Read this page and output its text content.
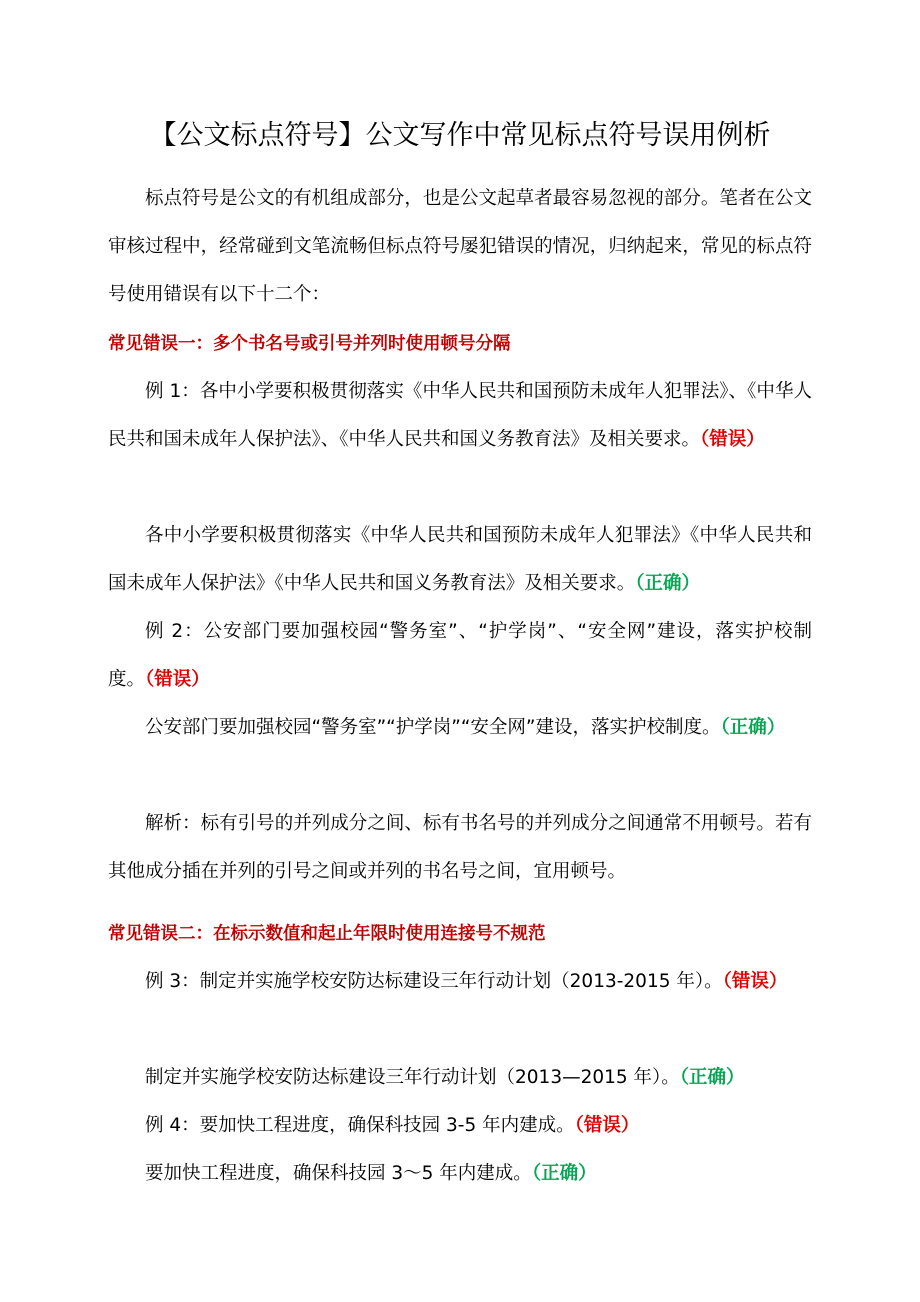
【公文标点符号】公文写作中常见标点符号误用例析

标点符号是公文的有机组成部分，也是公文起草者最容易忽视的部分。笔者在公文审核过程中，经常碰到文笔流畅但标点符号屡犯错误的情况，归纳起来，常见的标点符号使用错误有以下十二个：

常见错误一：多个书名号或引号并列时使用顿号分隔

例 1：各中小学要积极贯彻落实《中华人民共和国预防未成年人犯罪法》、《中华人民共和国未成年人保护法》、《中华人民共和国义务教育法》及相关要求。（错误）

各中小学要积极贯彻落实《中华人民共和国预防未成年人犯罪法》《中华人民共和国未成年人保护法》《中华人民共和国义务教育法》及相关要求。（正确）

例 2：公安部门要加强校园“警务室”、“护学岗”、“安全网”建设，落实护校制度。（错误）

公安部门要加强校园“警务室”“护学岗”“安全网”建设，落实护校制度。（正确）

解析：标有引号的并列成分之间、标有书名号的并列成分之间通常不用顿号。若有其他成分插在并列的引号之间或并列的书名号之间，宜用顿号。

常见错误二：在标示数值和起止年限时使用连接号不规范

例 3：制定并实施学校安防达标建设三年行动计划（2013-2015 年）。（错误）

制定并实施学校安防达标建设三年行动计划（2013—2015 年）。（正确）

例 4：要加快工程进度，确保科技园 3-5 年内建成。（错误）

要加快工程进度，确保科技园 3～5 年内建成。（正确）
